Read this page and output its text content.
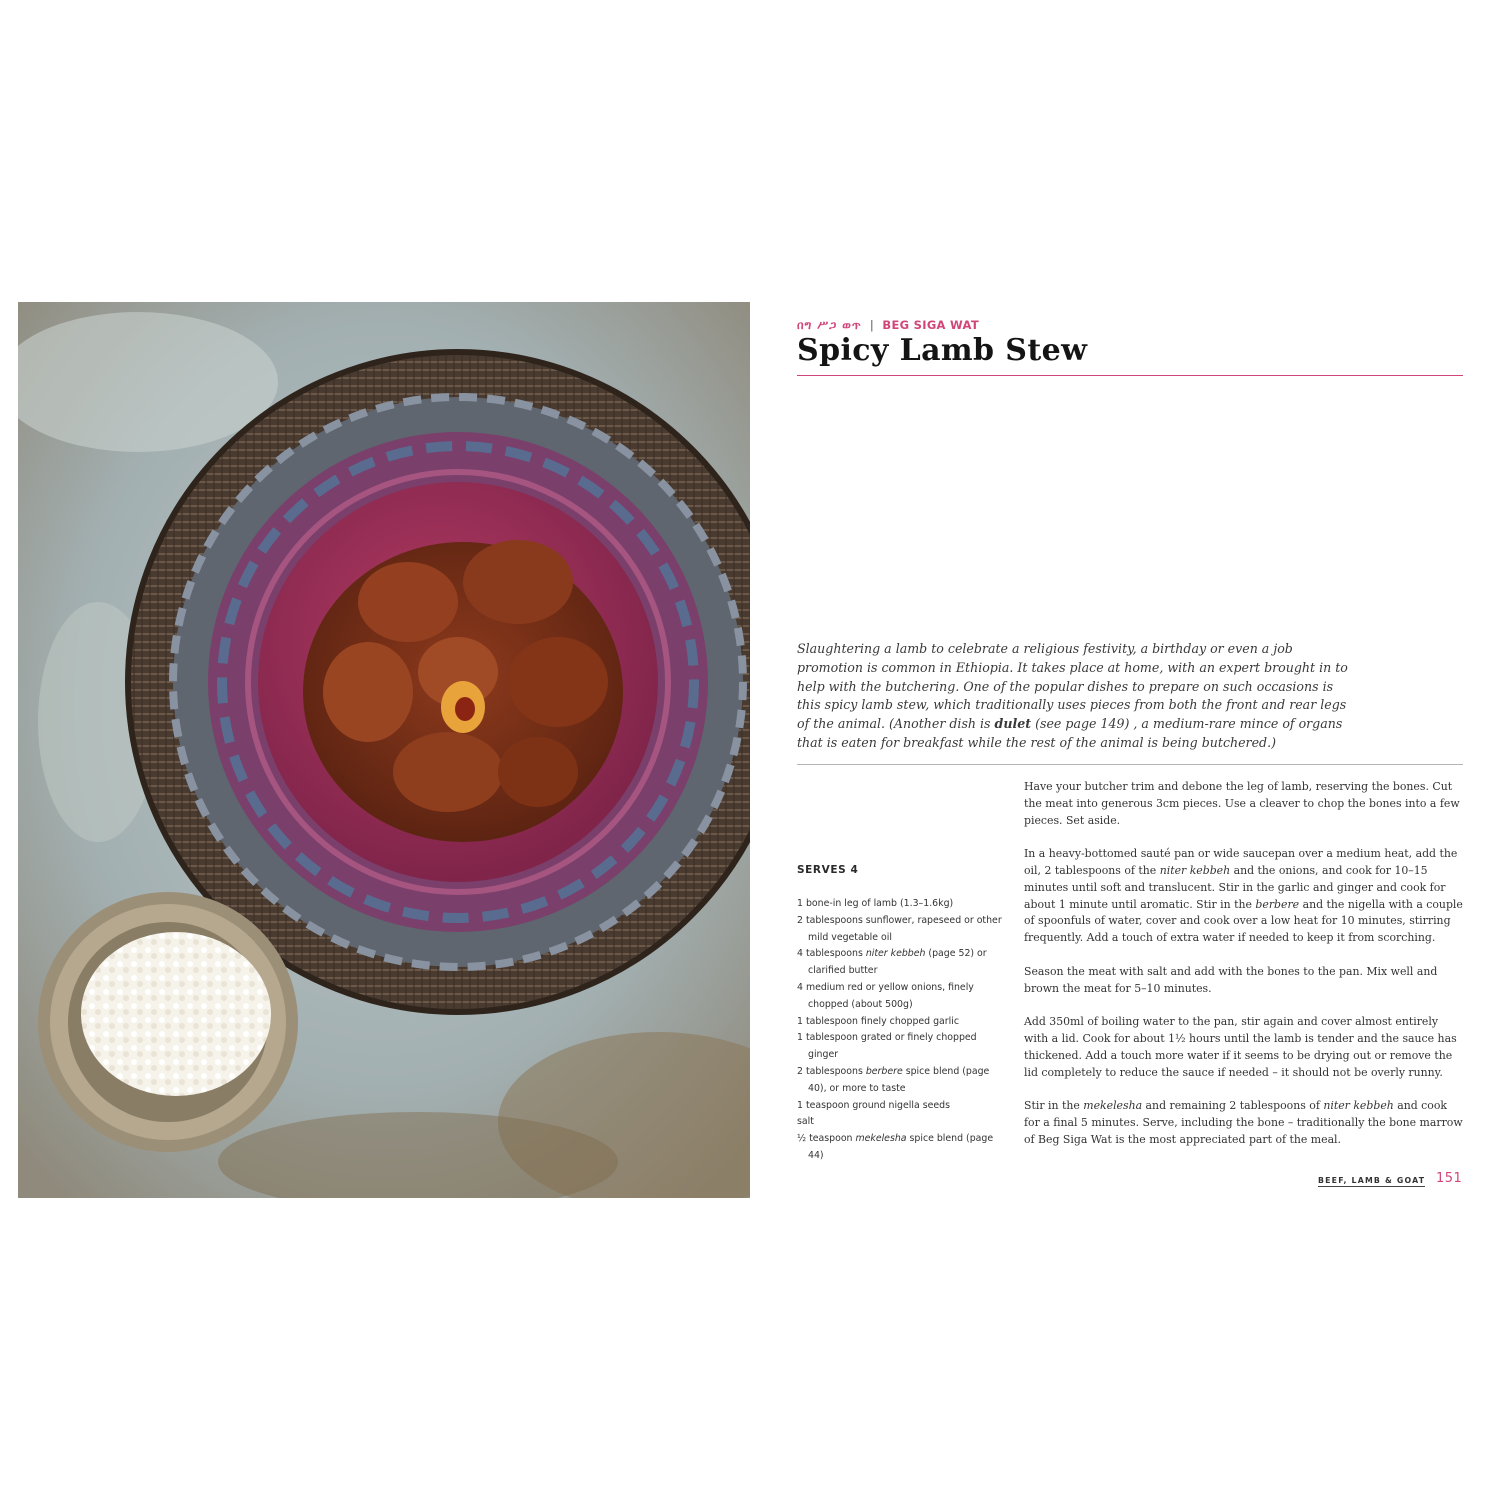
በግ ሥጋ ወጥ | BEG SIGA WAT
Spicy Lamb Stew

Slaughtering a lamb to celebrate a religious festivity, a birthday or even a job promotion is common in Ethiopia. It takes place at home, with an expert brought in to help with the butchering. One of the popular dishes to prepare on such occasions is this spicy lamb stew, which traditionally uses pieces from both the front and rear legs of the animal. (Another dish is dulet (see page 149) , a medium-rare mince of organs that is eaten for breakfast while the rest of the animal is being butchered.)

SERVES 4
1 bone-in leg of lamb (1.3–1.6kg)
2 tablespoons sunflower, rapeseed or other mild vegetable oil
4 tablespoons niter kebbeh (page 52) or clarified butter
4 medium red or yellow onions, finely chopped (about 500g)
1 tablespoon finely chopped garlic
1 tablespoon grated or finely chopped ginger
2 tablespoons berbere spice blend (page 40), or more to taste
1 teaspoon ground nigella seeds
salt
½ teaspoon mekelesha spice blend (page 44)

Have your butcher trim and debone the leg of lamb, reserving the bones. Cut the meat into generous 3cm pieces. Use a cleaver to chop the bones into a few pieces. Set aside.

In a heavy-bottomed sauté pan or wide saucepan over a medium heat, add the oil, 2 tablespoons of the niter kebbeh and the onions, and cook for 10–15 minutes until soft and translucent. Stir in the garlic and ginger and cook for about 1 minute until aromatic. Stir in the berbere and the nigella with a couple of spoonfuls of water, cover and cook over a low heat for 10 minutes, stirring frequently. Add a touch of extra water if needed to keep it from scorching.

Season the meat with salt and add with the bones to the pan. Mix well and brown the meat for 5–10 minutes.

Add 350ml of boiling water to the pan, stir again and cover almost entirely with a lid. Cook for about 1½ hours until the lamb is tender and the sauce has thickened. Add a touch more water if it seems to be drying out or remove the lid completely to reduce the sauce if needed – it should not be overly runny.

Stir in the mekelesha and remaining 2 tablespoons of niter kebbeh and cook for a final 5 minutes. Serve, including the bone – traditionally the bone marrow of Beg Siga Wat is the most appreciated part of the meal.

BEEF, LAMB & GOAT 151
